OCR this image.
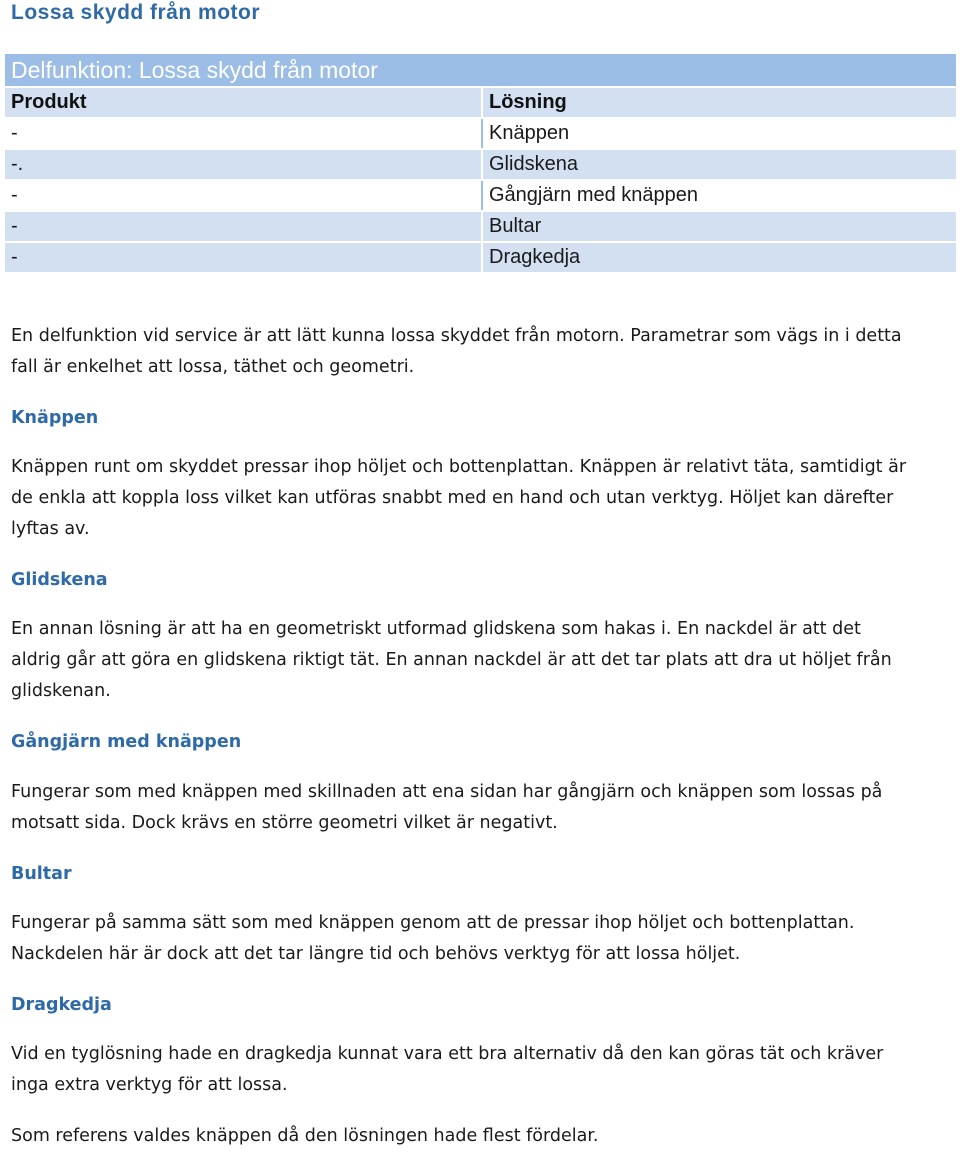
Lossa skydd från motor
Delfunktion: Lossa skydd från motor	
Produkt	Lösning
-	Knäppen
-.	Glidskena
-	Gångjärn med knäppen
-	Bultar
-	Dragkedja

En delfunktion vid service är att lätt kunna lossa skyddet från motorn. Parametrar som vägs in i detta fall är enkelhet att lossa, täthet och geometri.

Knäppen

Knäppen runt om skyddet pressar ihop höljet och bottenplattan. Knäppen är relativt täta, samtidigt är de enkla att koppla loss vilket kan utföras snabbt med en hand och utan verktyg. Höljet kan därefter lyftas av.

Glidskena

En annan lösning är att ha en geometriskt utformad glidskena som hakas i. En nackdel är att det aldrig går att göra en glidskena riktigt tät. En annan nackdel är att det tar plats att dra ut höljet från glidskenan.

Gångjärn med knäppen

Fungerar som med knäppen med skillnaden att ena sidan har gångjärn och knäppen som lossas på motsatt sida. Dock krävs en större geometri vilket är negativt.

Bultar

Fungerar på samma sätt som med knäppen genom att de pressar ihop höljet och bottenplattan. Nackdelen här är dock att det tar längre tid och behövs verktyg för att lossa höljet.

Dragkedja

Vid en tyglösning hade en dragkedja kunnat vara ett bra alternativ då den kan göras tät och kräver inga extra verktyg för att lossa.

Som referens valdes knäppen då den lösningen hade flest fördelar.
